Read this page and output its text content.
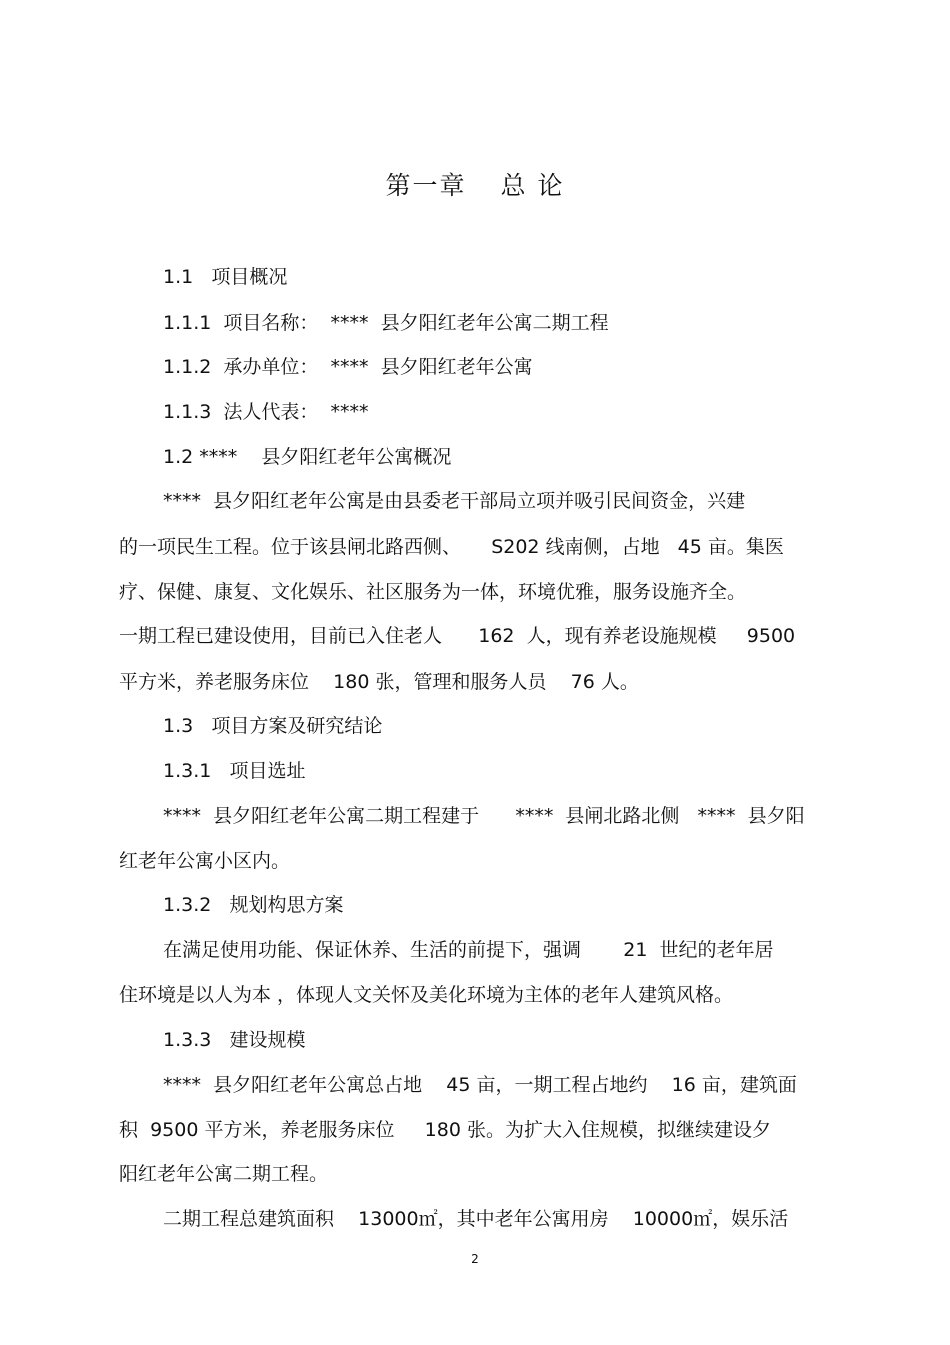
第一章 总 论
1.1   项目概况
1.1.1  项目名称：  ****  县夕阳红老年公寓二期工程
1.1.2  承办单位：  ****  县夕阳红老年公寓
1.1.3  法人代表：  ****
1.2 ****    县夕阳红老年公寓概况
****  县夕阳红老年公寓是由县委老干部局立项并吸引民间资金，兴建
的一项民生工程。位于该县闸北路西侧、     S202 线南侧，占地   45 亩。集医
疗、保健、康复、文化娱乐、社区服务为一体，环境优雅，服务设施齐全。
一期工程已建设使用，目前已入住老人      162  人，现有养老设施规模     9500
平方米，养老服务床位    180 张，管理和服务人员    76 人。
1.3   项目方案及研究结论
1.3.1   项目选址
****  县夕阳红老年公寓二期工程建于      ****  县闸北路北侧   ****  县夕阳
红老年公寓小区内。
1.3.2   规划构思方案
在满足使用功能、保证休养、生活的前提下，强调       21  世纪的老年居
住环境是以人为本 ，体现人文关怀及美化环境为主体的老年人建筑风格。
1.3.3   建设规模
****  县夕阳红老年公寓总占地    45 亩，一期工程占地约    16 亩，建筑面
积  9500 平方米，养老服务床位     180 张。为扩大入住规模，拟继续建设夕
阳红老年公寓二期工程。
二期工程总建筑面积    13000㎡，其中老年公寓用房    10000㎡，娱乐活
2
